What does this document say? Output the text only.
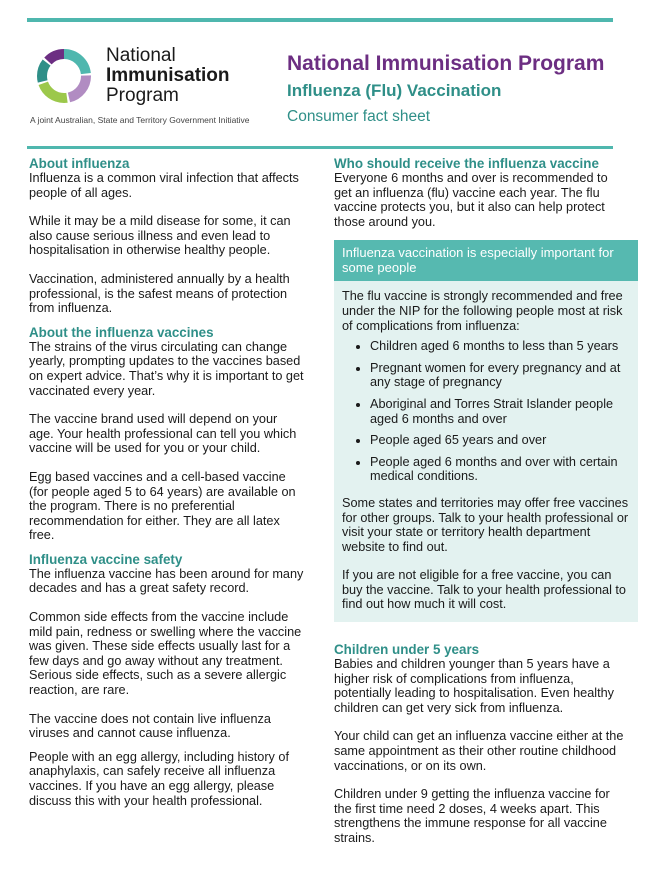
National
Immunisation
Program
A joint Australian, State and Territory Government Initiative
National Immunisation Program
Influenza (Flu) Vaccination
Consumer fact sheet
About influenza

Influenza is a common viral infection that affects people of all ages.

While it may be a mild disease for some, it can also cause serious illness and even lead to hospitalisation in otherwise healthy people.

Vaccination, administered annually by a health professional, is the safest means of protection from influenza.

About the influenza vaccines

The strains of the virus circulating can change yearly, prompting updates to the vaccines based on expert advice. That’s why it is important to get vaccinated every year.

The vaccine brand used will depend on your age. Your health professional can tell you which vaccine will be used for you or your child.

Egg based vaccines and a cell-based vaccine (for people aged 5 to 64 years) are available on the program. There is no preferential recommendation for either. They are all latex free.

Influenza vaccine safety

The influenza vaccine has been around for many decades and has a great safety record.

Common side effects from the vaccine include mild pain, redness or swelling where the vaccine was given. These side effects usually last for a few days and go away without any treatment. Serious side effects, such as a severe allergic reaction, are rare.

The vaccine does not contain live influenza viruses and cannot cause influenza.

People with an egg allergy, including history of anaphylaxis, can safely receive all influenza vaccines. If you have an egg allergy, please discuss this with your health professional.

Who should receive the influenza vaccine

Everyone 6 months and over is recommended to get an influenza (flu) vaccine each year. The flu vaccine protects you, but it also can help protect those around you.

Influenza vaccination is especially important for some people

The flu vaccine is strongly recommended and free under the NIP for the following people most at risk of complications from influenza:

• Children aged 6 months to less than 5 years
• Pregnant women for every pregnancy and at any stage of pregnancy
• Aboriginal and Torres Strait Islander people aged 6 months and over
• People aged 65 years and over
• People aged 6 months and over with certain medical conditions.

Some states and territories may offer free vaccines for other groups. Talk to your health professional or visit your state or territory health department website to find out.

If you are not eligible for a free vaccine, you can buy the vaccine. Talk to your health professional to find out how much it will cost.

Children under 5 years

Babies and children younger than 5 years have a higher risk of complications from influenza, potentially leading to hospitalisation. Even healthy children can get very sick from influenza.

Your child can get an influenza vaccine either at the same appointment as their other routine childhood vaccinations, or on its own.

Children under 9 getting the influenza vaccine for the first time need 2 doses, 4 weeks apart. This strengthens the immune response for all vaccine strains.
